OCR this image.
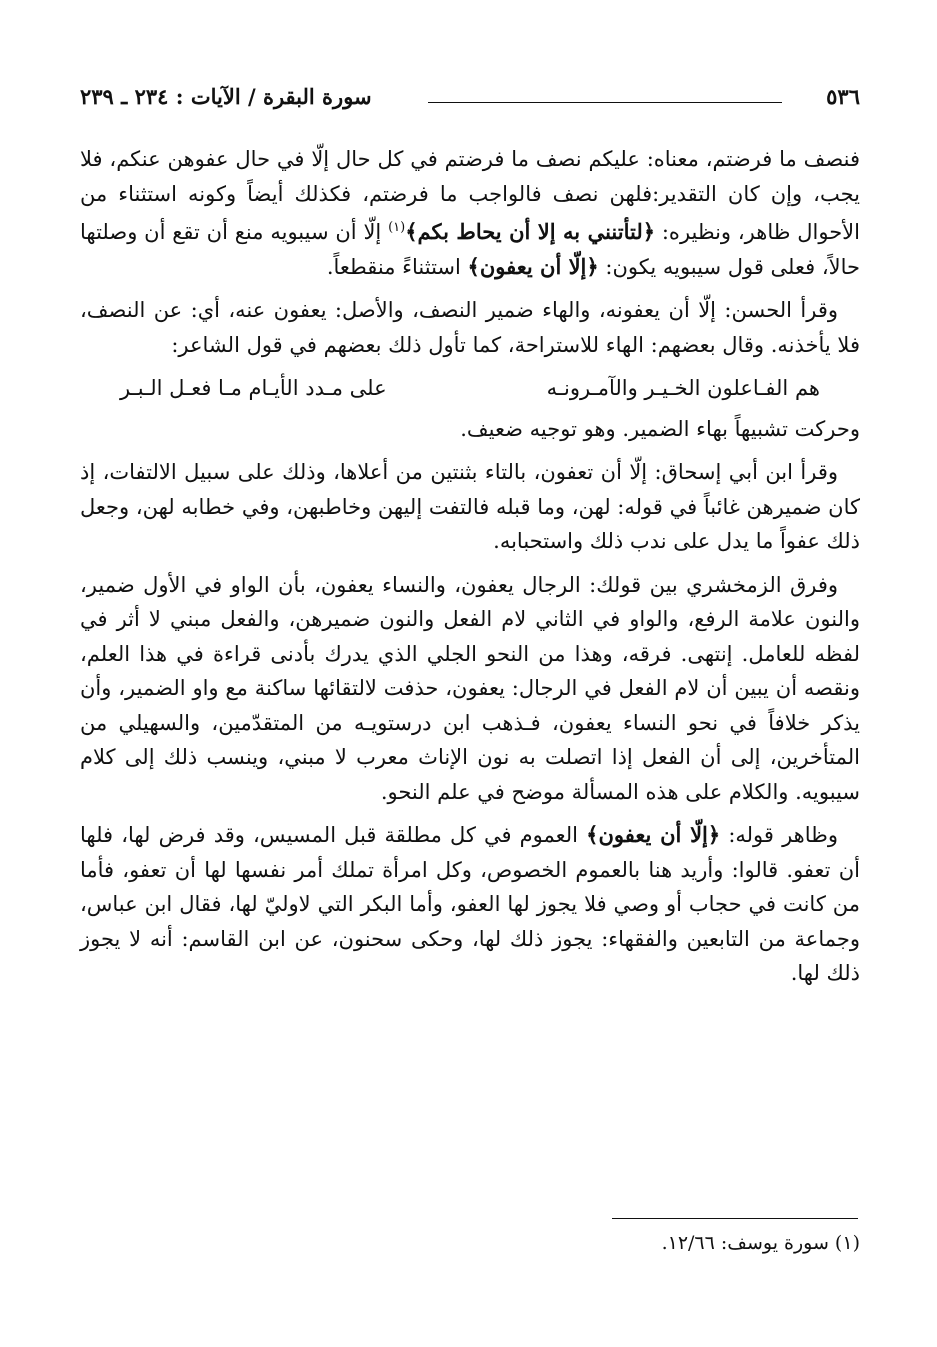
٥٣٦
سورة البقرة / الآيات : ٢٣٤ ـ ٢٣٩

فنصف ما فرضتم، معناه: عليكم نصف ما فرضتم في كل حال إلّا في حال عفوهن عنكم، فلا يجب، وإن كان التقدير:فلهن نصف فالواجب ما فرضتم، فكذلك أيضاً وكونه استثناء من الأحوال ظاهر، ونظيره: ﴿لتأتنني به إلا أن يحاط بكم﴾$^{(١)}$ إلّا أن سيبويه منع أن تقع أن وصلتها حالاً، فعلى قول سيبويه يكون: ﴿إلّا أن يعفون﴾ استثناءً منقطعاً.

وقرأ الحسن: إلّا أن يعفونه، والهاء ضمير النصف، والأصل: يعفون عنه، أي: عن النصف، فلا يأخذنه. وقال بعضهم: الهاء للاستراحة، كما تأول ذلك بعضهم في قول الشاعر:

هم الفـاعلون الخـيـر والآمـرونـه
على مـدد الأيـام مـا فعـل الـبـر

وحركت تشبيهاً بهاء الضمير. وهو توجيه ضعيف.

وقرأ ابن أبي إسحاق: إلّا أن تعفون، بالتاء بثنتين من أعلاها، وذلك على سبيل الالتفات، إذ كان ضميرهن غائباً في قوله: لهن، وما قبله فالتفت إليهن وخاطبهن، وفي خطابه لهن، وجعل ذلك عفواً ما يدل على ندب ذلك واستحبابه.

وفرق الزمخشري بين قولك: الرجال يعفون، والنساء يعفون، بأن الواو في الأول ضمير، والنون علامة الرفع، والواو في الثاني لام الفعل والنون ضميرهن، والفعل مبني لا أثر في لفظه للعامل. إنتهى. فرقه، وهذا من النحو الجلي الذي يدرك بأدنى قراءة في هذا العلم، ونقصه أن يبين أن لام الفعل في الرجال: يعفون، حذفت لالتقائها ساكنة مع واو الضمير، وأن يذكر خلافاً في نحو النساء يعفون، فـذهب ابن درستويـه من المتقدّمين، والسهيلي من المتأخرين، إلى أن الفعل إذا اتصلت به نون الإناث معرب لا مبني، وينسب ذلك إلى كلام سيبويه. والكلام على هذه المسألة موضح في علم النحو.

وظاهر قوله: ﴿إلّا أن يعفون﴾ العموم في كل مطلقة قبل المسيس، وقد فرض لها، فلها أن تعفو. قالوا: وأريد هنا بالعموم الخصوص، وكل امرأة تملك أمر نفسها لها أن تعفو، فأما من كانت في حجاب أو وصي فلا يجوز لها العفو، وأما البكر التي لاوليّ لها، فقال ابن عباس، وجماعة من التابعين والفقهاء: يجوز ذلك لها، وحكى سحنون، عن ابن القاسم: أنه لا يجوز ذلك لها.

(١) سورة يوسف: ١٢/٦٦.
